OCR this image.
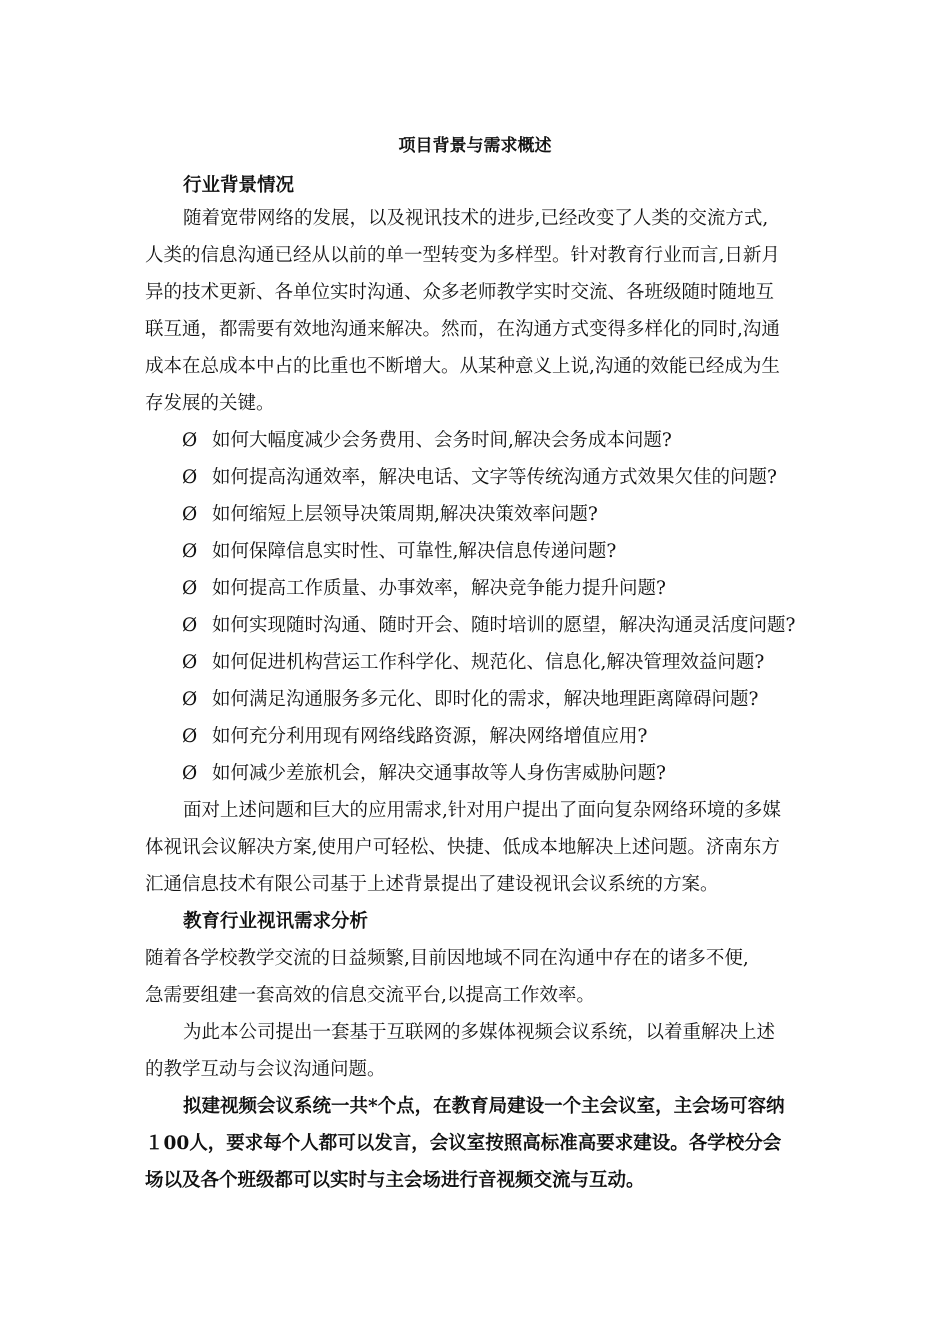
项目背景与需求概述
行业背景情况
随着宽带网络的发展，以及视讯技术的进步,已经改变了人类的交流方式,
人类的信息沟通已经从以前的单一型转变为多样型。针对教育行业而言,日新月
异的技术更新、各单位实时沟通、众多老师教学实时交流、各班级随时随地互
联互通，都需要有效地沟通来解决。然而，在沟通方式变得多样化的同时,沟通
成本在总成本中占的比重也不断增大。从某种意义上说,沟通的效能已经成为生
存发展的关键。
Ø 如何大幅度减少会务费用、会务时间,解决会务成本问题?
Ø 如何提高沟通效率，解决电话、文字等传统沟通方式效果欠佳的问题?
Ø 如何缩短上层领导决策周期,解决决策效率问题?
Ø 如何保障信息实时性、可靠性,解决信息传递问题?
Ø 如何提高工作质量、办事效率，解决竞争能力提升问题?
Ø 如何实现随时沟通、随时开会、随时培训的愿望，解决沟通灵活度问题?
Ø 如何促进机构营运工作科学化、规范化、信息化,解决管理效益问题?
Ø 如何满足沟通服务多元化、即时化的需求，解决地理距离障碍问题?
Ø 如何充分利用现有网络线路资源，解决网络增值应用?
Ø 如何减少差旅机会，解决交通事故等人身伤害威胁问题?
面对上述问题和巨大的应用需求,针对用户提出了面向复杂网络环境的多媒
体视讯会议解决方案,使用户可轻松、快捷、低成本地解决上述问题。济南东方
汇通信息技术有限公司基于上述背景提出了建设视讯会议系统的方案。
教育行业视讯需求分析
随着各学校教学交流的日益频繁,目前因地域不同在沟通中存在的诸多不便,
急需要组建一套高效的信息交流平台,以提高工作效率。
为此本公司提出一套基于互联网的多媒体视频会议系统，以着重解决上述
的教学互动与会议沟通问题。
拟建视频会议系统一共*个点，在教育局建设一个主会议室，主会场可容纳
１00人，要求每个人都可以发言，会议室按照高标准高要求建设。各学校分会
场以及各个班级都可以实时与主会场进行音视频交流与互动。
